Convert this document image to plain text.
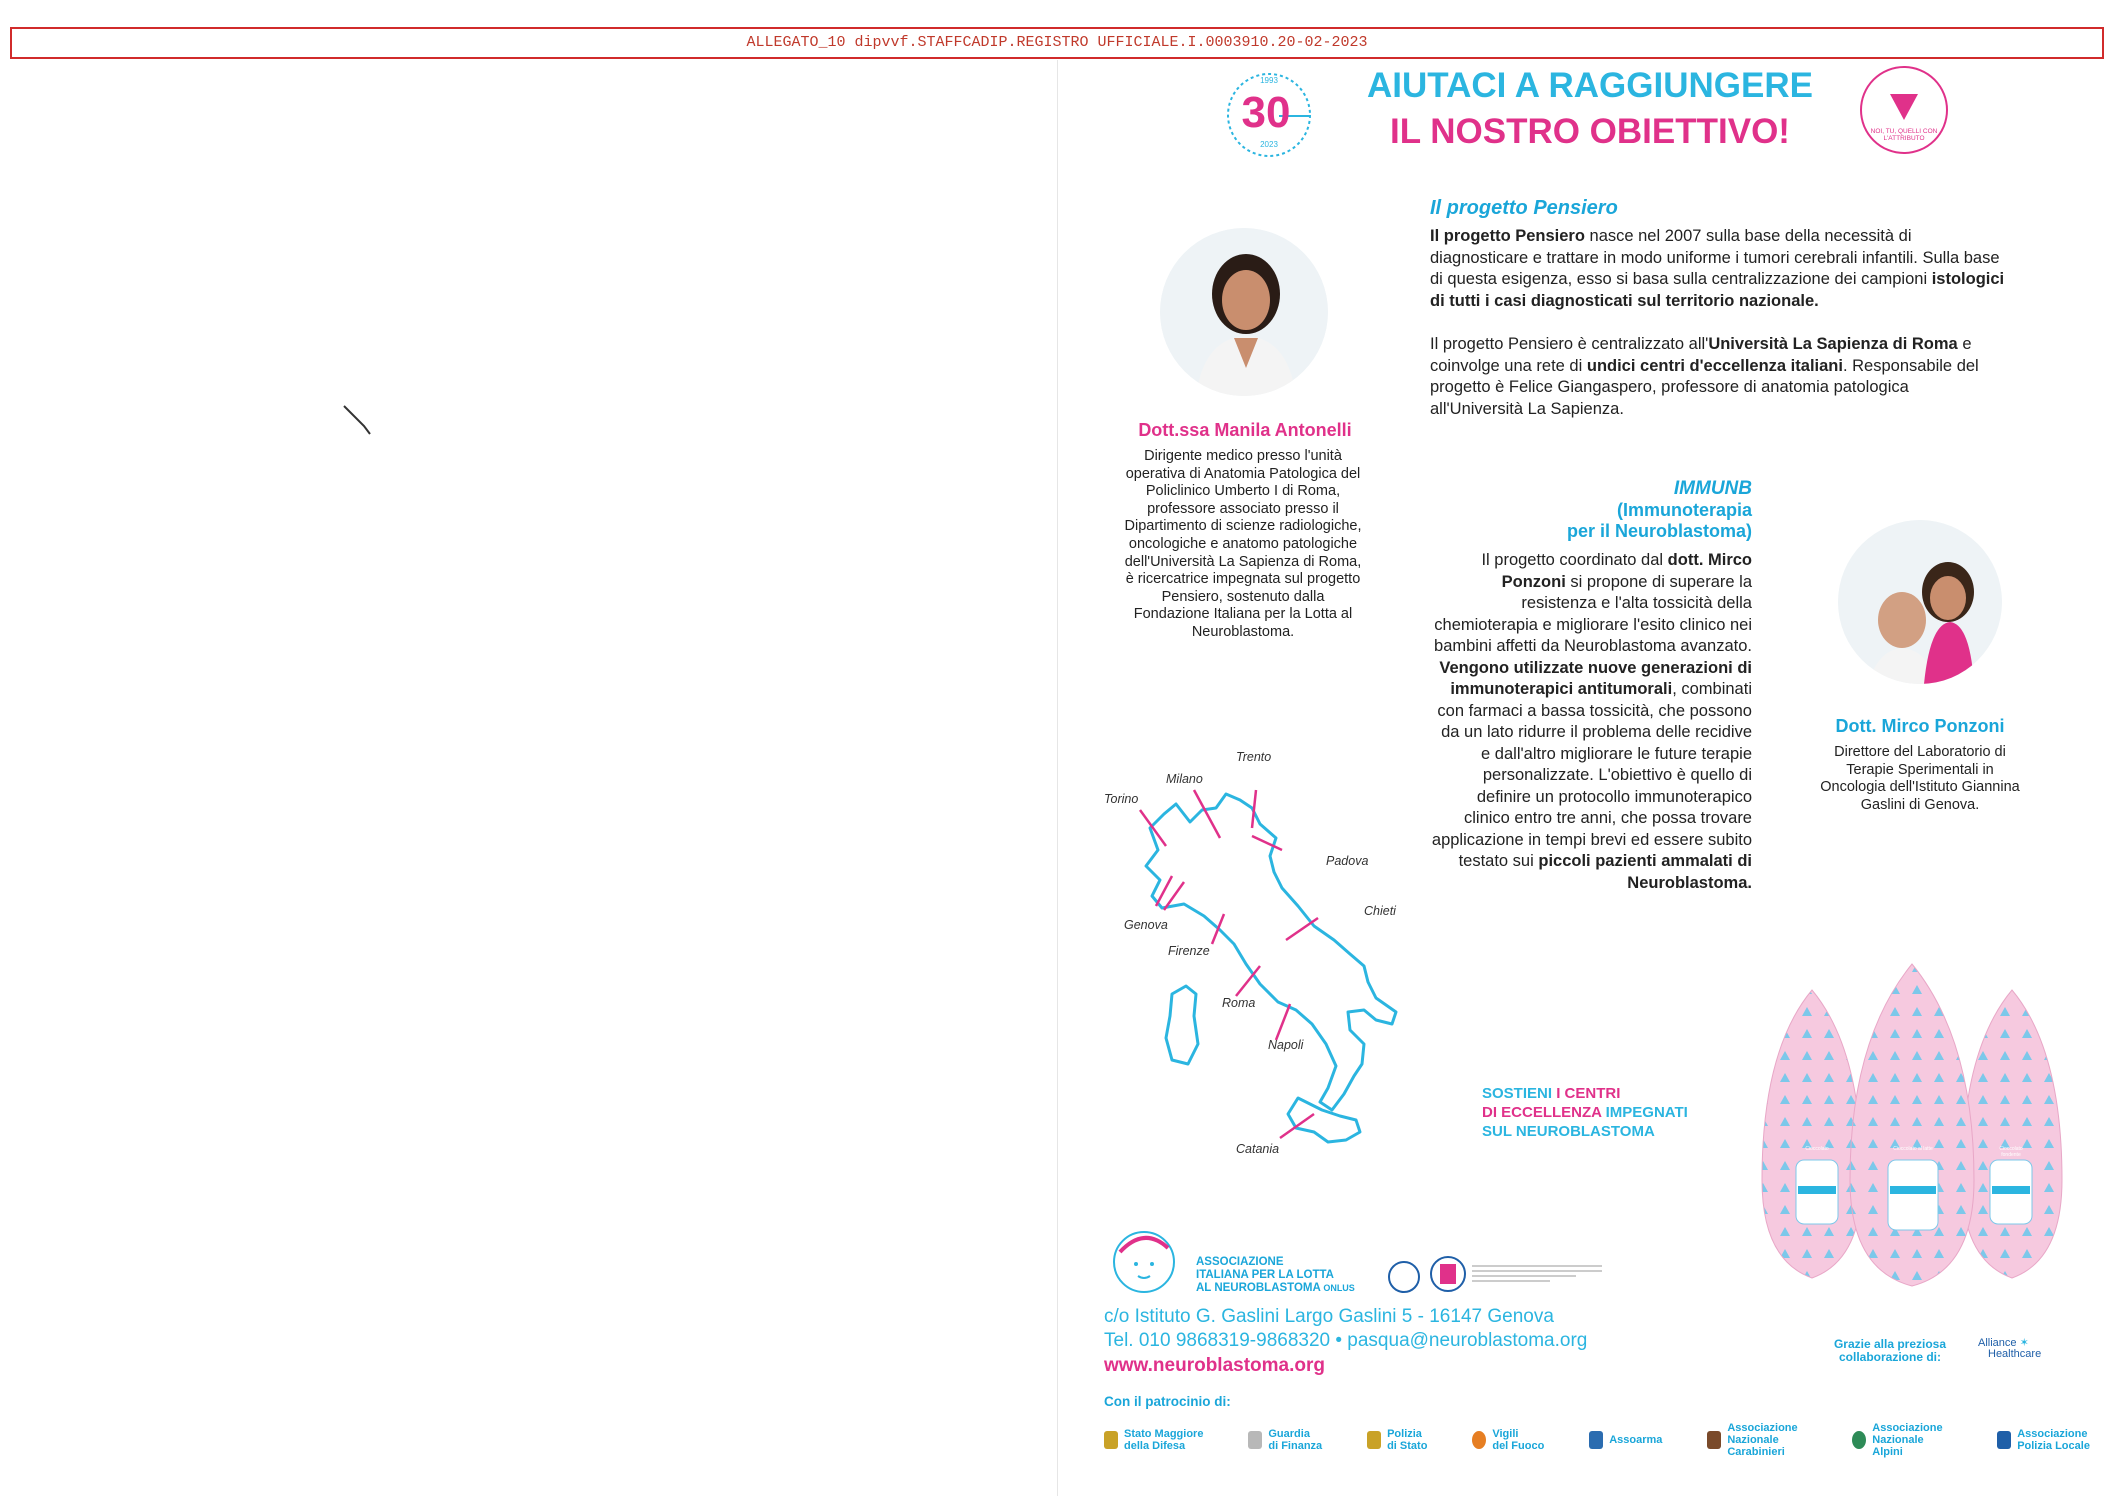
ALLEGATO_10 dipvvf.STAFFCADIP.REGISTRO UFFICIALE.I.0003910.20-02-2023
1993
30
2023
AIUTACI A RAGGIUNGERE
IL NOSTRO OBIETTIVO!	NOI, TU, QUELLI CON L'ATTRIBUTO
Il progetto Pensiero
Il progetto Pensiero nasce nel 2007 sulla base della necessità di diagnosticare e trattare in modo uniforme i tumori cerebrali infantili. Sulla base di questa esigenza, esso si basa sulla centralizzazione dei campioni istologici di tutti i casi diagnosticati sul territorio nazionale.
Il progetto Pensiero è centralizzato all'Università La Sapienza di Roma e coinvolge una rete di undici centri d'eccellenza italiani. Responsabile del progetto è Felice Giangaspero, professore di anatomia patologica all'Università La Sapienza.
Dott.ssa Manila Antonelli
Dirigente medico presso l'unità operativa di Anatomia Patologica del Policlinico Umberto I di Roma, professore associato presso il Dipartimento di scienze radiologiche, oncologiche e anatomo patologiche dell'Università La Sapienza di Roma, è ricercatrice impegnata sul progetto Pensiero, sostenuto dalla Fondazione Italiana per la Lotta al Neuroblastoma.
IMMUNB
(Immunoterapia
per il Neuroblastoma)
Il progetto coordinato dal dott. Mirco Ponzoni si propone di superare la resistenza e l'alta tossicità della chemioterapia e migliorare l'esito clinico nei bambini affetti da Neuroblastoma avanzato. Vengono utilizzate nuove generazioni di immunoterapici antitumorali, combinati con farmaci a bassa tossicità, che possono da un lato ridurre il problema delle recidive e dall'altro migliorare le future terapie personalizzate. L'obiettivo è quello di definire un protocollo immunoterapico clinico entro tre anni, che possa trovare applicazione in tempi brevi ed essere subito testato sui piccoli pazienti ammalati di Neuroblastoma.
Dott. Mirco Ponzoni
Direttore del Laboratorio di Terapie Sperimentali in Oncologia dell'Istituto Giannina Gaslini di Genova.
Trento
Milano
Torino
Padova
Chieti
Genova
Firenze
Roma
Napoli
Catania
SOSTIENI I CENTRI
DI ECCELLENZA IMPEGNATI
SUL NEUROBLASTOMA
Cioccolato	Cioccolato al latte	Cioccolato fondente
ASSOCIAZIONE
ITALIANA PER LA LOTTA
AL NEUROBLASTOMA ONLUS
c/o Istituto G. Gaslini Largo Gaslini 5 - 16147 Genova
Tel. 010 9868319-9868320 • pasqua@neuroblastoma.org
www.neuroblastoma.org
Grazie alla preziosa
collaborazione di:
Alliance ✶
Healthcare
Con il patrocinio di:
Stato Maggiore
della Difesa
Guardia
di Finanza
Polizia
di Stato
Vigili
del Fuoco	Assoarma
Associazione
Nazionale Carabinieri
Associazione
Nazionale Alpini
Associazione
Polizia Locale
